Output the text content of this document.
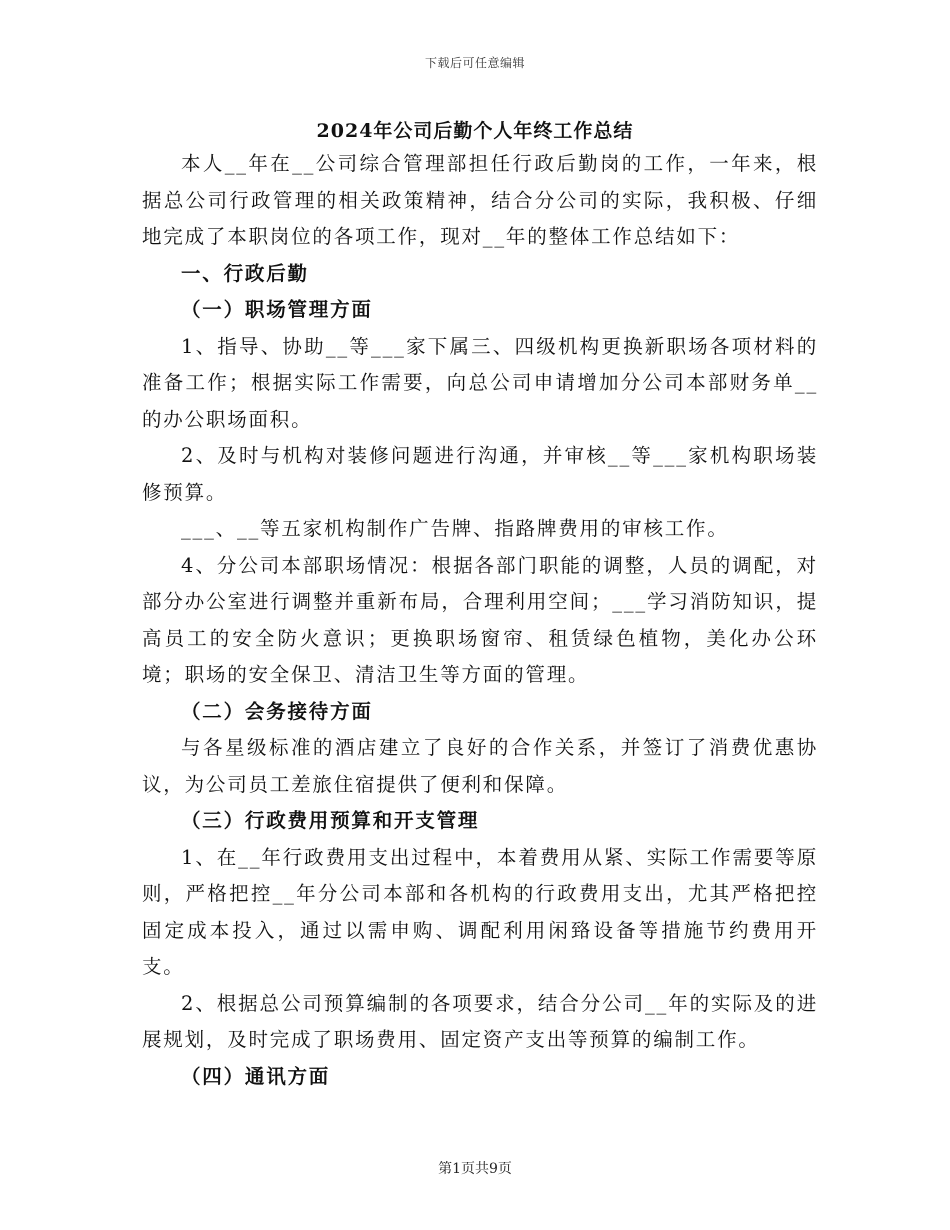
下载后可任意编辑
2024年公司后勤个人年终工作总结

本人__年在__公司综合管理部担任行政后勤岗的工作，一年来，根据总公司行政管理的相关政策精神，结合分公司的实际，我积极、仔细地完成了本职岗位的各项工作，现对__年的整体工作总结如下：

一、行政后勤

（一）职场管理方面

1、指导、协助__等___家下属三、四级机构更换新职场各项材料的准备工作；根据实际工作需要，向总公司申请增加分公司本部财务单__的办公职场面积。

2、及时与机构对装修问题进行沟通，并审核__等___家机构职场装修预算。

___、__等五家机构制作广告牌、指路牌费用的审核工作。

4、分公司本部职场情况：根据各部门职能的调整，人员的调配，对部分办公室进行调整并重新布局，合理利用空间；___学习消防知识，提高员工的安全防火意识；更换职场窗帘、租赁绿色植物，美化办公环境；职场的安全保卫、清洁卫生等方面的管理。

（二）会务接待方面

与各星级标准的酒店建立了良好的合作关系，并签订了消费优惠协议，为公司员工差旅住宿提供了便利和保障。

（三）行政费用预算和开支管理

1、在__年行政费用支出过程中，本着费用从紧、实际工作需要等原则，严格把控__年分公司本部和各机构的行政费用支出，尤其严格把控固定成本投入，通过以需申购、调配利用闲臵设备等措施节约费用开支。

2、根据总公司预算编制的各项要求，结合分公司__年的实际及的进展规划，及时完成了职场费用、固定资产支出等预算的编制工作。

（四）通讯方面

第1页共9页
